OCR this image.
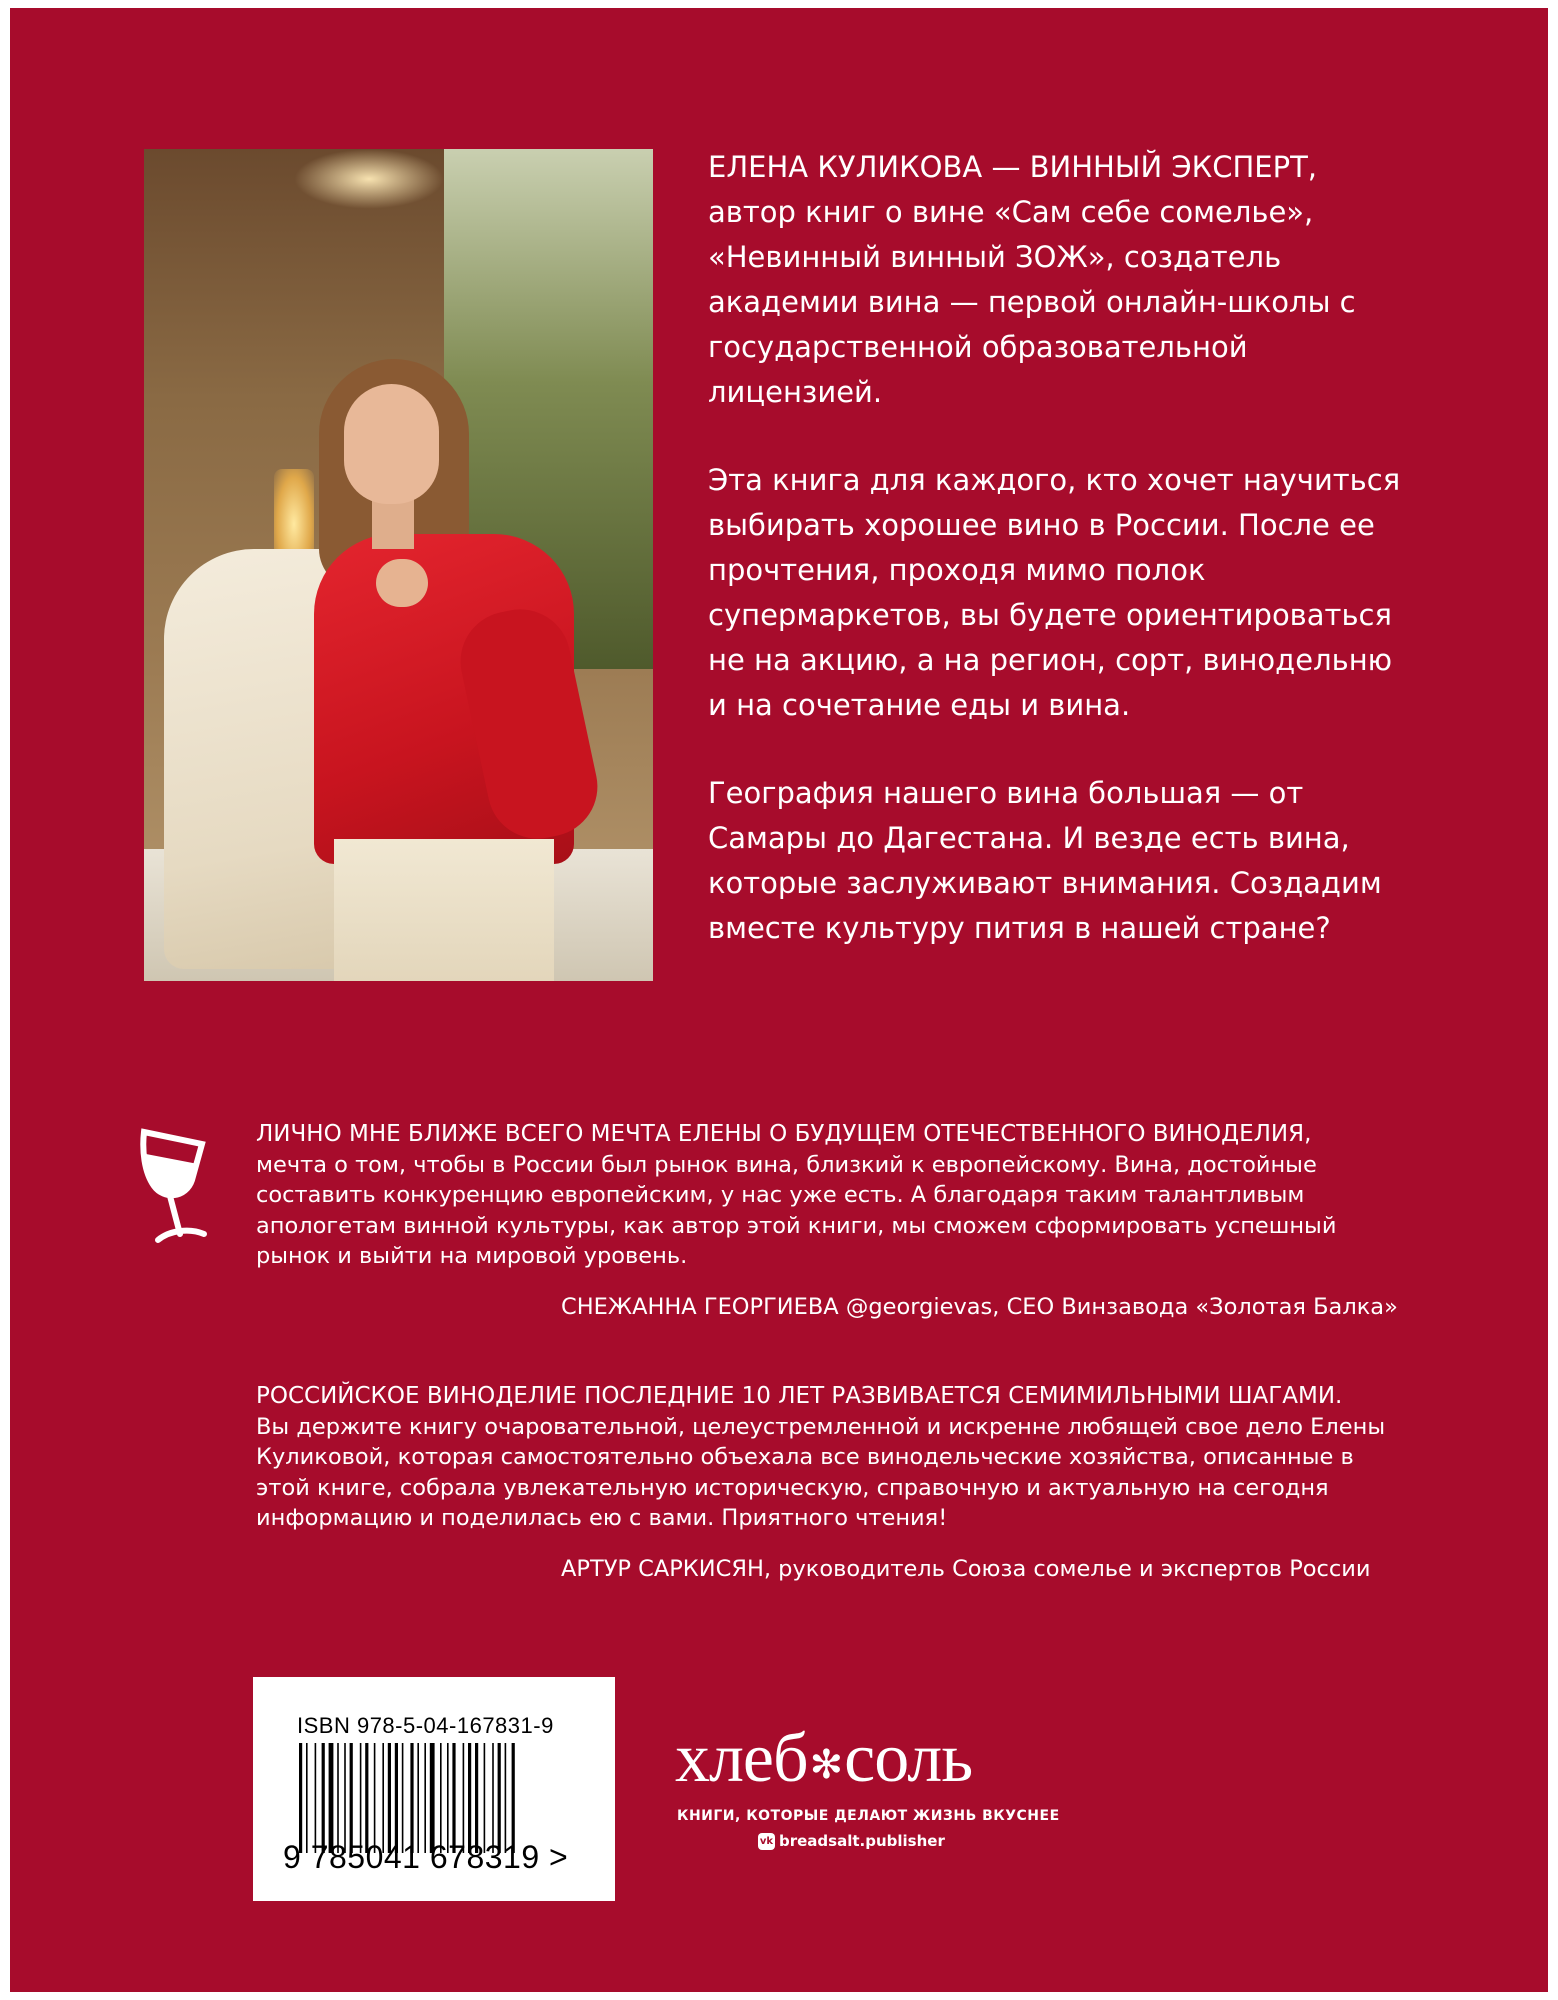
ЕЛЕНА КУЛИКОВА — ВИННЫЙ ЭКСПЕРТ, автор книг о вине «Сам себе сомелье», «Невинный винный ЗОЖ», создатель академии вина — первой онлайн-школы с государственной образовательной лицензией.

Эта книга для каждого, кто хочет научиться выбирать хорошее вино в России. После ее прочтения, проходя мимо полок супермаркетов, вы будете ориентироваться не на акцию, а на регион, сорт, винодельню и на сочетание еды и вина.

География нашего вина большая — от Самары до Дагестана. И везде есть вина, которые заслуживают внимания. Создадим вместе культуру пития в нашей стране?

ЛИЧНО МНЕ БЛИЖЕ ВСЕГО МЕЧТА ЕЛЕНЫ О БУДУЩЕМ ОТЕЧЕСТВЕННОГО ВИНОДЕЛИЯ,
мечта о том, чтобы в России был рынок вина, близкий к европейскому. Вина, достойные составить конкуренцию европейским, у нас уже есть. А благодаря таким талантливым апологетам винной культуры, как автор этой книги, мы сможем сформировать успешный рынок и выйти на мировой уровень.

СНЕЖАННА ГЕОРГИЕВА @georgievas, CEO Винзавода «Золотая Балка»

РОССИЙСКОЕ ВИНОДЕЛИЕ ПОСЛЕДНИЕ 10 ЛЕТ РАЗВИВАЕТСЯ СЕМИМИЛЬНЫМИ ШАГАМИ.
Вы держите книгу очаровательной, целеустремленной и искренне любящей свое дело Елены Куликовой, которая самостоятельно объехала все винодельческие хозяйства, описанные в этой книге, собрала увлекательную историческую, справочную и актуальную на сегодня информацию и поделилась ею с вами. Приятного чтения!

АРТУР САРКИСЯН, руководитель Союза сомелье и экспертов России
ISBN 978-5-04-167831-9
9 785041 678319 >
хлеб✻соль
КНИГИ, КОТОРЫЕ ДЕЛАЮТ ЖИЗНЬ ВКУСНЕЕ
vk breadsalt.publisher
